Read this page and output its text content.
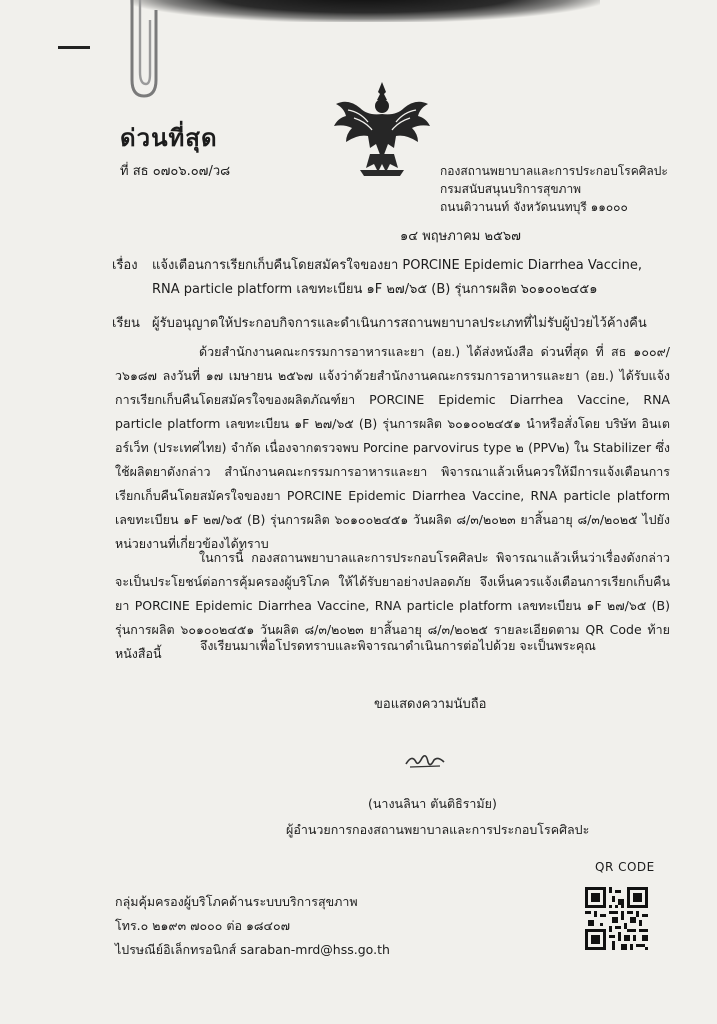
ด่วนที่สุด
ที่ สธ ๐๗๐๖.๐๗/ว๘	กองสถานพยาบาลและการประกอบโรคศิลปะ
กรมสนับสนุนบริการสุขภาพ
ถนนติวานนท์ จังหวัดนนทบุรี ๑๑๐๐๐
๑๔ พฤษภาคม ๒๕๖๗
เรื่อง แจ้งเตือนการเรียกเก็บคืนโดยสมัครใจของยา PORCINE Epidemic Diarrhea Vaccine, RNA particle platform เลขทะเบียน ๑F ๒๗/๖๕ (B) รุ่นการผลิต ๖๐๑๐๐๒๔๕๑
เรียน ผู้รับอนุญาตให้ประกอบกิจการและดำเนินการสถานพยาบาลประเภทที่ไม่รับผู้ป่วยไว้ค้างคืน
ด้วยสำนักงานคณะกรรมการอาหารและยา (อย.) ได้ส่งหนังสือ ด่วนที่สุด ที่ สธ ๑๐๐๙/ ว๖๑๘๗ ลงวันที่ ๑๗ เมษายน ๒๕๖๗ แจ้งว่าด้วยสำนักงานคณะกรรมการอาหารและยา (อย.) ได้รับแจ้งการเรียกเก็บคืนโดยสมัครใจของผลิตภัณฑ์ยา PORCINE Epidemic Diarrhea Vaccine, RNA particle platform เลขทะเบียน ๑F ๒๗/๖๕ (B) รุ่นการผลิต ๖๐๑๐๐๒๔๕๑ นำหรือสั่งโดย บริษัท อินเตอร์เว็ท (ประเทศไทย) จำกัด เนื่องจากตรวจพบ Porcine parvovirus type ๒ (PPV๒) ใน Stabilizer ซึ่งใช้ผลิตยาดังกล่าว สำนักงานคณะกรรมการอาหารและยา พิจารณาแล้วเห็นควรให้มีการแจ้งเตือนการเรียกเก็บคืนโดยสมัครใจของยา PORCINE Epidemic Diarrhea Vaccine, RNA particle platform เลขทะเบียน ๑F ๒๗/๖๕ (B) รุ่นการผลิต ๖๐๑๐๐๒๔๕๑ วันผลิต ๘/๓/๒๐๒๓ ยาสิ้นอายุ ๘/๓/๒๐๒๕ ไปยังหน่วยงานที่เกี่ยวข้องได้ทราบ
ในการนี้ กองสถานพยาบาลและการประกอบโรคศิลปะ พิจารณาแล้วเห็นว่าเรื่องดังกล่าวจะเป็นประโยชน์ต่อการคุ้มครองผู้บริโภค ให้ได้รับยาอย่างปลอดภัย จึงเห็นควรแจ้งเตือนการเรียกเก็บคืนยา PORCINE Epidemic Diarrhea Vaccine, RNA particle platform เลขทะเบียน ๑F ๒๗/๖๕ (B) รุ่นการผลิต ๖๐๑๐๐๒๔๕๑ วันผลิต ๘/๓/๒๐๒๓ ยาสิ้นอายุ ๘/๓/๒๐๒๕ รายละเอียดตาม QR Code ท้ายหนังสือนี้
จึงเรียนมาเพื่อโปรดทราบและพิจารณาดำเนินการต่อไปด้วย จะเป็นพระคุณ
ขอแสดงความนับถือ
(นางนลินา ตันติธิรามัย)
ผู้อำนวยการกองสถานพยาบาลและการประกอบโรคศิลปะ
กลุ่มคุ้มครองผู้บริโภคด้านระบบบริการสุขภาพ
โทร.๐ ๒๑๙๓ ๗๐๐๐ ต่อ ๑๘๔๐๗
ไปรษณีย์อิเล็กทรอนิกส์ saraban-mrd@hss.go.th
QR CODE
